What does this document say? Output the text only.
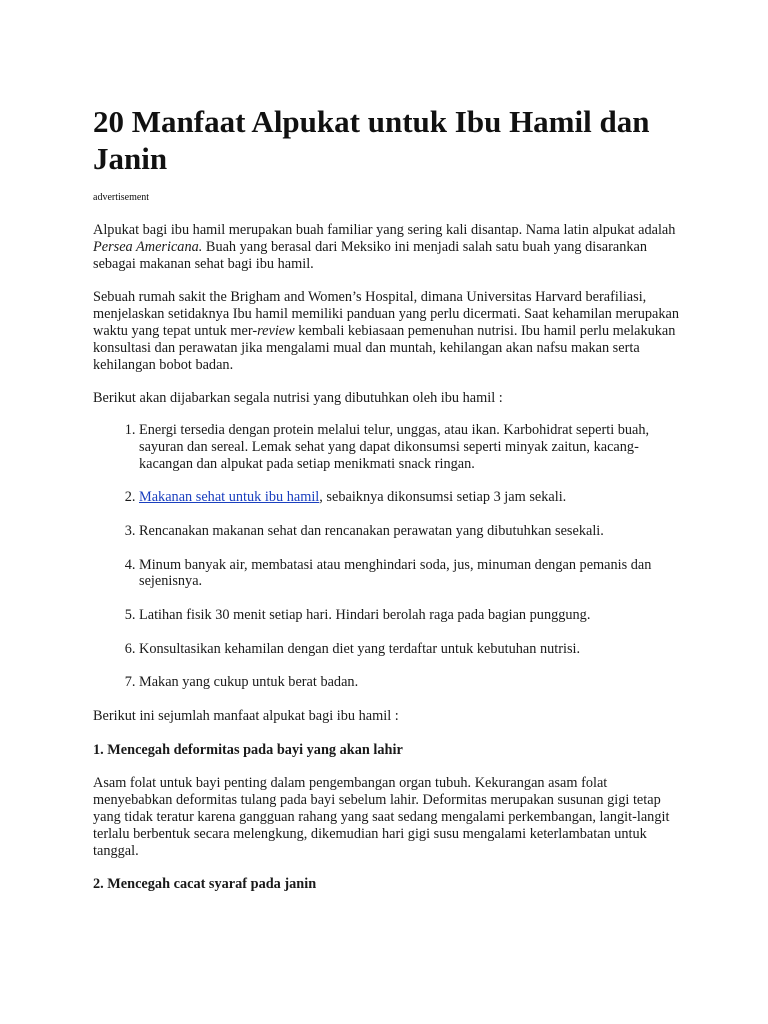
20 Manfaat Alpukat untuk Ibu Hamil dan Janin
advertisement

Alpukat bagi ibu hamil merupakan buah familiar yang sering kali disantap. Nama latin alpukat adalah Persea Americana. Buah yang berasal dari Meksiko ini menjadi salah satu buah yang disarankan sebagai makanan sehat bagi ibu hamil.

Sebuah rumah sakit the Brigham and Women’s Hospital, dimana Universitas Harvard berafiliasi, menjelaskan setidaknya Ibu hamil memiliki panduan yang perlu dicermati. Saat kehamilan merupakan waktu yang tepat untuk mer-review kembali kebiasaan pemenuhan nutrisi. Ibu hamil perlu melakukan konsultasi dan perawatan jika mengalami mual dan muntah, kehilangan akan nafsu makan serta kehilangan bobot badan.

Berikut akan dijabarkan segala nutrisi yang dibutuhkan oleh ibu hamil :

1. Energi tersedia dengan protein melalui telur, unggas, atau ikan. Karbohidrat seperti buah, sayuran dan sereal. Lemak sehat yang dapat dikonsumsi seperti minyak zaitun, kacang-kacangan dan alpukat pada setiap menikmati snack ringan.
2. Makanan sehat untuk ibu hamil, sebaiknya dikonsumsi setiap 3 jam sekali.
3. Rencanakan makanan sehat dan rencanakan perawatan yang dibutuhkan sesekali.
4. Minum banyak air, membatasi atau menghindari soda, jus, minuman dengan pemanis dan sejenisnya.
5. Latihan fisik 30 menit setiap hari. Hindari berolah raga pada bagian punggung.
6. Konsultasikan kehamilan dengan diet yang terdaftar untuk kebutuhan nutrisi.
7. Makan yang cukup untuk berat badan.

Berikut ini sejumlah manfaat alpukat bagi ibu hamil :

1. Mencegah deformitas pada bayi yang akan lahir

Asam folat untuk bayi penting dalam pengembangan organ tubuh. Kekurangan asam folat menyebabkan deformitas tulang pada bayi sebelum lahir. Deformitas merupakan susunan gigi tetap yang tidak teratur karena gangguan rahang yang saat sedang mengalami perkembangan, langit-langit terlalu berbentuk secara melengkung, dikemudian hari gigi susu mengalami keterlambatan untuk tanggal.

2. Mencegah cacat syaraf pada janin
